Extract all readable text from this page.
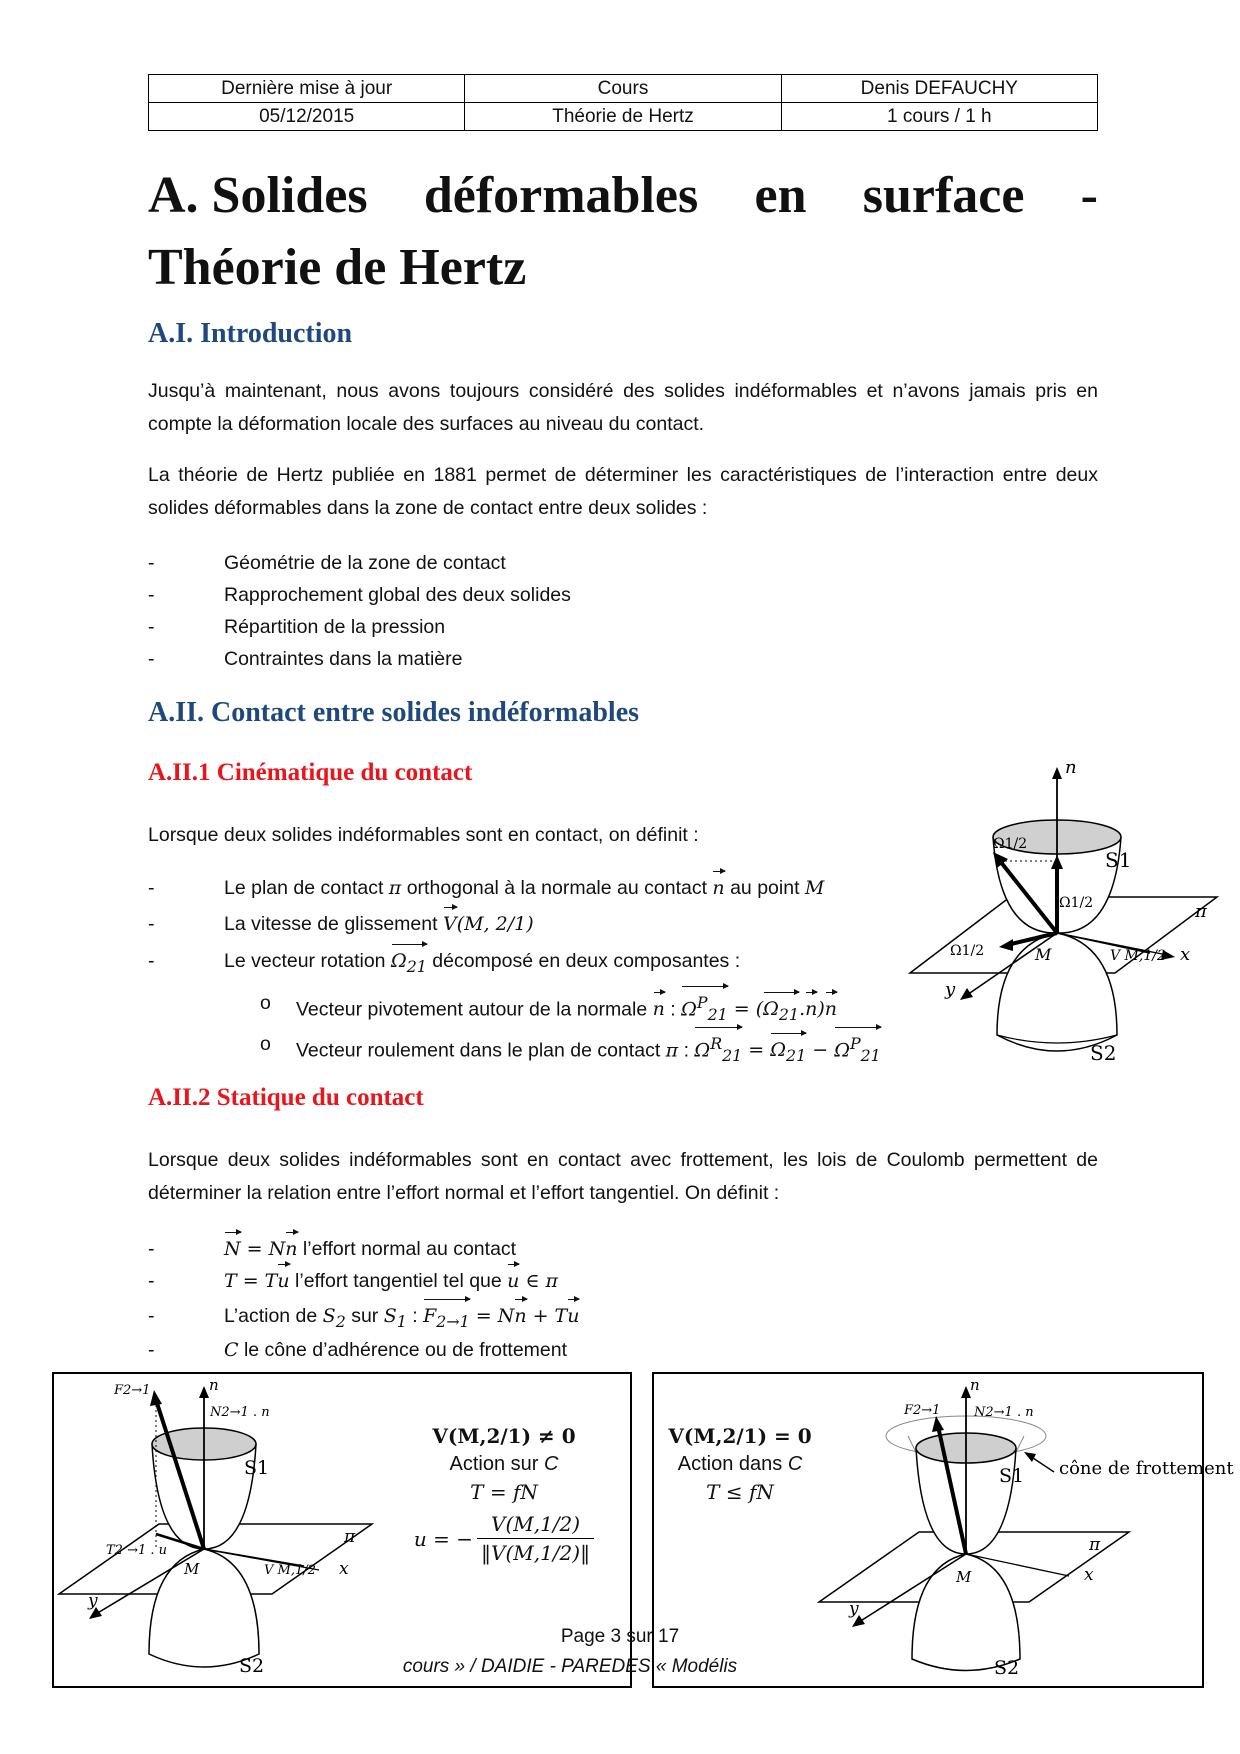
Dernière mise à jour	Cours	Denis DEFAUCHY
05/12/2015	Théorie de Hertz	1 cours / 1 h
A. Solides déformables en surface -
Théorie de Hertz
A.I. Introduction
Jusqu’à maintenant, nous avons toujours considéré des solides indéformables et n’avons jamais pris en compte la déformation locale des surfaces au niveau du contact.
La théorie de Hertz publiée en 1881 permet de déterminer les caractéristiques de l’interaction entre deux solides déformables dans la zone de contact entre deux solides :
-	Géométrie de la zone de contact
-	Rapprochement global des deux solides
-	Répartition de la pression
-	Contraintes dans la matière
A.II. Contact entre solides indéformables
A.II.1 Cinématique du contact
Lorsque deux solides indéformables sont en contact, on définit :
-	Le plan de contact π orthogonal à la normale au contact n au point M
-	La vitesse de glissement V(M, 2/1)
-	Le vecteur rotation $\Omega_{21}$ décomposé en deux composantes :
o Vecteur pivotement autour de la normale n : $\Omega^P_{21} = (\Omega_{21}.n)n$
o Vecteur roulement dans le plan de contact π : $\Omega^R_{21} = \Omega_{21} - \Omega^P_{21}$
n
Ω1/2
S1
S2
Ω1/2
Ω1/2	M	V M,1/2 x
y
π
A.II.2 Statique du contact
Lorsque deux solides indéformables sont en contact avec frottement, les lois de Coulomb permettent de déterminer la relation entre l’effort normal et l’effort tangentiel. On définit :
-	N = Nn l’effort normal au contact
-	T = Tu l’effort tangentiel tel que u ∈ π
-	L’action de $S_2$ sur $S_1$ : $F_{2\to 1} = Nn + Tu$
-	C le cône d’adhérence ou de frottement
F2→1	n
N2→1 . n
S1
S2
T2 →1 . u
M	V M,1/2 x
y
π
V(M,2/1) ≠ 0
Action sur C
T = fN
u = − $\frac{V(M,1/2)}{‖V(M,1/2)‖}$
V(M,2/1) = 0
Action dans C
T ≤ fN
F2→1
n
N2→1 . n
S1
S2
cône de frottement
M	x
y
π
Page 3 sur 17
cours » / DAIDIE - PAREDES « Modélis
